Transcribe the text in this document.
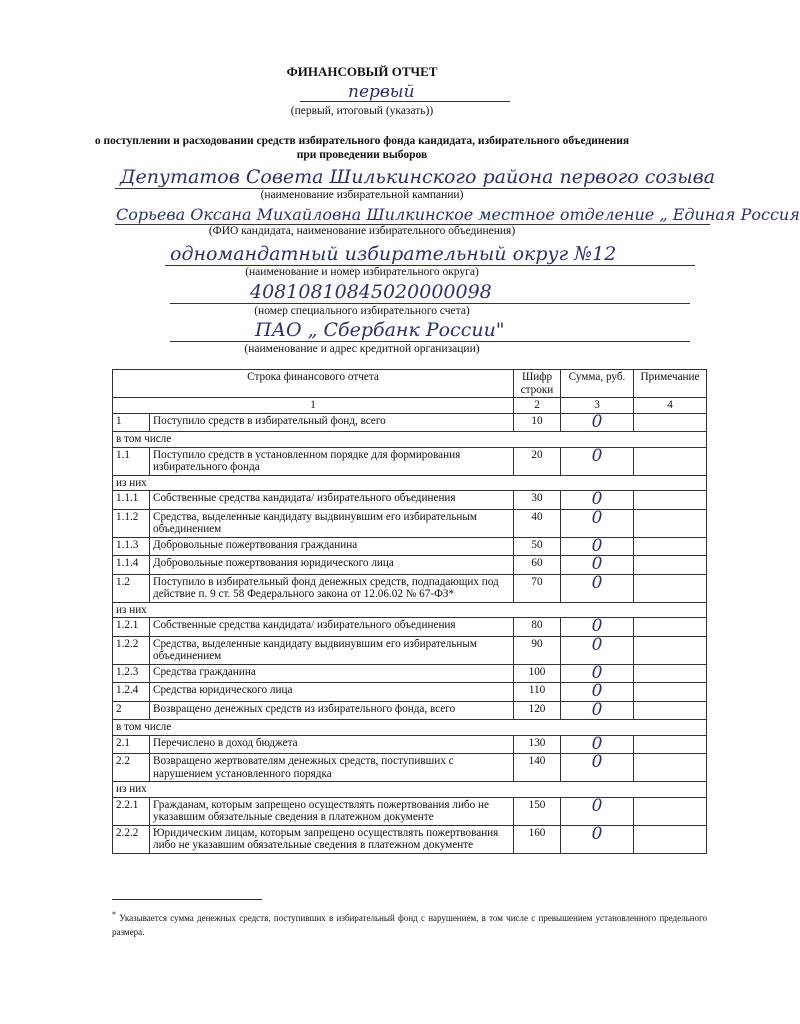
ФИНАНСОВЫЙ ОТЧЕТ
первый
(первый, итоговый (указать))
о поступлении и расходовании средств избирательного фонда кандидата, избирательного объединения
при проведении выборов
Депутатов Совета Шилькинского района первого созыва
(наименование избирательной кампании)
Сорьева Оксана Михайловна Шилкинское местное отделение „ Единая Россия
(ФИО кандидата, наименование избирательного объединения)
одномандатный избирательный округ №12
(наименование и номер избирательного округа)
40810810845020000098
(номер специального избирательного счета)
ПАО „ Сбербанк России"
(наименование и адрес кредитной организации)
Строка финансового отчета		Шифр строки	Сумма, руб.	Примечание
1		2	3	4
1	Поступило средств в избирательный фонд, всего	10	0	
в том числе				
1.1	Поступило средств в установленном порядке для формирования избирательного фонда	20	0	
из них				
1.1.1	Собственные средства кандидата/ избирательного объединения	30	0	
1.1.2	Средства, выделенные кандидату выдвинувшим его избирательным объединением	40	0	
1.1.3	Добровольные пожертвования гражданина	50	0	
1.1.4	Добровольные пожертвования юридического лица	60	0	
1.2	Поступило в избирательный фонд денежных средств, подпадающих под действие п. 9 ст. 58 Федерального закона от 12.06.02 № 67-ФЗ*	70	0	
из них				
1.2.1	Собственные средства кандидата/ избирательного объединения	80	0	
1.2.2	Средства, выделенные кандидату выдвинувшим его избирательным объединением	90	0	
1.2.3	Средства гражданина	100	0	
1.2.4	Средства юридического лица	110	0	
2	Возвращено денежных средств из избирательного фонда, всего	120	0	
в том числе				
2.1	Перечислено в доход бюджета	130	0	
2.2	Возвращено жертвователям денежных средств, поступивших с нарушением установленного порядка	140	0	
из них				
2.2.1	Гражданам, которым запрещено осуществлять пожертвования либо не указавшим обязательные сведения в платежном документе	150	0	
2.2.2	Юридическим лицам, которым запрещено осуществлять пожертвования либо не указавшим обязательные сведения в платежном документе	160	0	
* Указывается сумма денежных средств, поступивших в избирательный фонд с нарушением, в том числе с превышением установленного предельного размера.
